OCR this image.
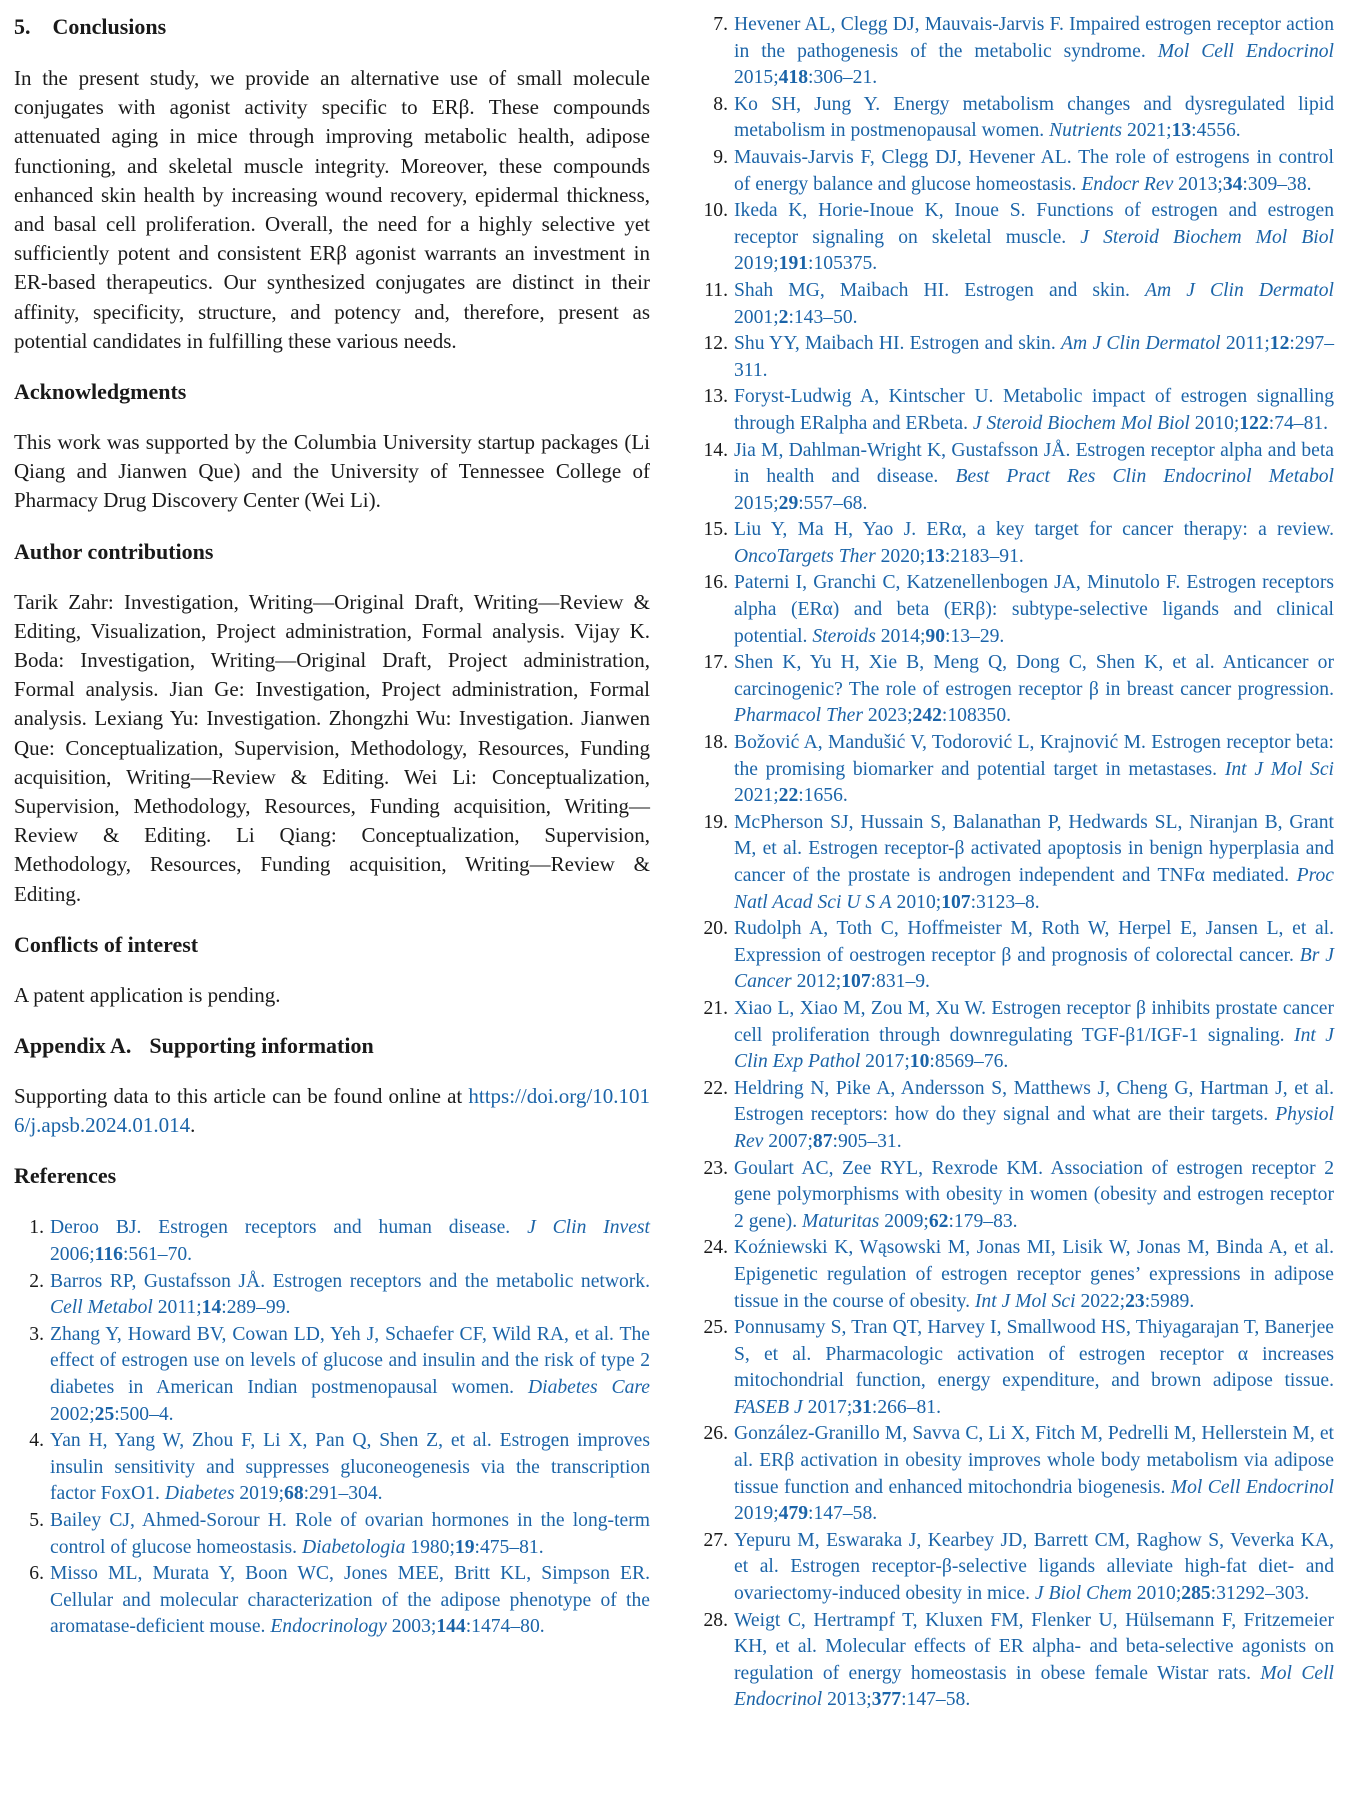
5. Conclusions

In the present study, we provide an alternative use of small molecule conjugates with agonist activity specific to ERβ. These compounds attenuated aging in mice through improving metabolic health, adipose functioning, and skeletal muscle integrity. Moreover, these compounds enhanced skin health by increasing wound recovery, epidermal thickness, and basal cell proliferation. Overall, the need for a highly selective yet sufficiently potent and consistent ERβ agonist warrants an investment in ER-based therapeutics. Our synthesized conjugates are distinct in their affinity, specificity, structure, and potency and, therefore, present as potential candidates in fulfilling these various needs.

Acknowledgments

This work was supported by the Columbia University startup packages (Li Qiang and Jianwen Que) and the University of Tennessee College of Pharmacy Drug Discovery Center (Wei Li).

Author contributions

Tarik Zahr: Investigation, Writing—Original Draft, Writing—Review & Editing, Visualization, Project administration, Formal analysis. Vijay K. Boda: Investigation, Writing—Original Draft, Project administration, Formal analysis. Jian Ge: Investigation, Project administration, Formal analysis. Lexiang Yu: Investigation. Zhongzhi Wu: Investigation. Jianwen Que: Conceptualization, Supervision, Methodology, Resources, Funding acquisition, Writing—Review & Editing. Wei Li: Conceptualization, Supervision, Methodology, Resources, Funding acquisition, Writing—Review & Editing. Li Qiang: Conceptualization, Supervision, Methodology, Resources, Funding acquisition, Writing—Review & Editing.

Conflicts of interest

A patent application is pending.

Appendix A. Supporting information

Supporting data to this article can be found online at https://doi.org/10.1016/j.apsb.2024.01.014.

References
1. Deroo BJ. Estrogen receptors and human disease. J Clin Invest 2006;116:561–70.
2. Barros RP, Gustafsson JÅ. Estrogen receptors and the metabolic network. Cell Metabol 2011;14:289–99.
3. Zhang Y, Howard BV, Cowan LD, Yeh J, Schaefer CF, Wild RA, et al. The effect of estrogen use on levels of glucose and insulin and the risk of type 2 diabetes in American Indian postmenopausal women. Diabetes Care 2002;25:500–4.
4. Yan H, Yang W, Zhou F, Li X, Pan Q, Shen Z, et al. Estrogen improves insulin sensitivity and suppresses gluconeogenesis via the transcription factor FoxO1. Diabetes 2019;68:291–304.
5. Bailey CJ, Ahmed-Sorour H. Role of ovarian hormones in the long-term control of glucose homeostasis. Diabetologia 1980;19:475–81.
6. Misso ML, Murata Y, Boon WC, Jones MEE, Britt KL, Simpson ER. Cellular and molecular characterization of the adipose phenotype of the aromatase-deficient mouse. Endocrinology 2003;144:1474–80.
7. Hevener AL, Clegg DJ, Mauvais-Jarvis F. Impaired estrogen receptor action in the pathogenesis of the metabolic syndrome. Mol Cell Endocrinol 2015;418:306–21.
8. Ko SH, Jung Y. Energy metabolism changes and dysregulated lipid metabolism in postmenopausal women. Nutrients 2021;13:4556.
9. Mauvais-Jarvis F, Clegg DJ, Hevener AL. The role of estrogens in control of energy balance and glucose homeostasis. Endocr Rev 2013;34:309–38.
10. Ikeda K, Horie-Inoue K, Inoue S. Functions of estrogen and estrogen receptor signaling on skeletal muscle. J Steroid Biochem Mol Biol 2019;191:105375.
11. Shah MG, Maibach HI. Estrogen and skin. Am J Clin Dermatol 2001;2:143–50.
12. Shu YY, Maibach HI. Estrogen and skin. Am J Clin Dermatol 2011;12:297–311.
13. Foryst-Ludwig A, Kintscher U. Metabolic impact of estrogen signalling through ERalpha and ERbeta. J Steroid Biochem Mol Biol 2010;122:74–81.
14. Jia M, Dahlman-Wright K, Gustafsson JÅ. Estrogen receptor alpha and beta in health and disease. Best Pract Res Clin Endocrinol Metabol 2015;29:557–68.
15. Liu Y, Ma H, Yao J. ERα, a key target for cancer therapy: a review. OncoTargets Ther 2020;13:2183–91.
16. Paterni I, Granchi C, Katzenellenbogen JA, Minutolo F. Estrogen receptors alpha (ERα) and beta (ERβ): subtype-selective ligands and clinical potential. Steroids 2014;90:13–29.
17. Shen K, Yu H, Xie B, Meng Q, Dong C, Shen K, et al. Anticancer or carcinogenic? The role of estrogen receptor β in breast cancer progression. Pharmacol Ther 2023;242:108350.
18. Božović A, Mandušić V, Todorović L, Krajnović M. Estrogen receptor beta: the promising biomarker and potential target in metastases. Int J Mol Sci 2021;22:1656.
19. McPherson SJ, Hussain S, Balanathan P, Hedwards SL, Niranjan B, Grant M, et al. Estrogen receptor-β activated apoptosis in benign hyperplasia and cancer of the prostate is androgen independent and TNFα mediated. Proc Natl Acad Sci U S A 2010;107:3123–8.
20. Rudolph A, Toth C, Hoffmeister M, Roth W, Herpel E, Jansen L, et al. Expression of oestrogen receptor β and prognosis of colorectal cancer. Br J Cancer 2012;107:831–9.
21. Xiao L, Xiao M, Zou M, Xu W. Estrogen receptor β inhibits prostate cancer cell proliferation through downregulating TGF-β1/IGF-1 signaling. Int J Clin Exp Pathol 2017;10:8569–76.
22. Heldring N, Pike A, Andersson S, Matthews J, Cheng G, Hartman J, et al. Estrogen receptors: how do they signal and what are their targets. Physiol Rev 2007;87:905–31.
23. Goulart AC, Zee RYL, Rexrode KM. Association of estrogen receptor 2 gene polymorphisms with obesity in women (obesity and estrogen receptor 2 gene). Maturitas 2009;62:179–83.
24. Koźniewski K, Wąsowski M, Jonas MI, Lisik W, Jonas M, Binda A, et al. Epigenetic regulation of estrogen receptor genes’ expressions in adipose tissue in the course of obesity. Int J Mol Sci 2022;23:5989.
25. Ponnusamy S, Tran QT, Harvey I, Smallwood HS, Thiyagarajan T, Banerjee S, et al. Pharmacologic activation of estrogen receptor α increases mitochondrial function, energy expenditure, and brown adipose tissue. FASEB J 2017;31:266–81.
26. González-Granillo M, Savva C, Li X, Fitch M, Pedrelli M, Hellerstein M, et al. ERβ activation in obesity improves whole body metabolism via adipose tissue function and enhanced mitochondria biogenesis. Mol Cell Endocrinol 2019;479:147–58.
27. Yepuru M, Eswaraka J, Kearbey JD, Barrett CM, Raghow S, Veverka KA, et al. Estrogen receptor-β-selective ligands alleviate high-fat diet- and ovariectomy-induced obesity in mice. J Biol Chem 2010;285:31292–303.
28. Weigt C, Hertrampf T, Kluxen FM, Flenker U, Hülsemann F, Fritzemeier KH, et al. Molecular effects of ER alpha- and beta-selective agonists on regulation of energy homeostasis in obese female Wistar rats. Mol Cell Endocrinol 2013;377:147–58.
